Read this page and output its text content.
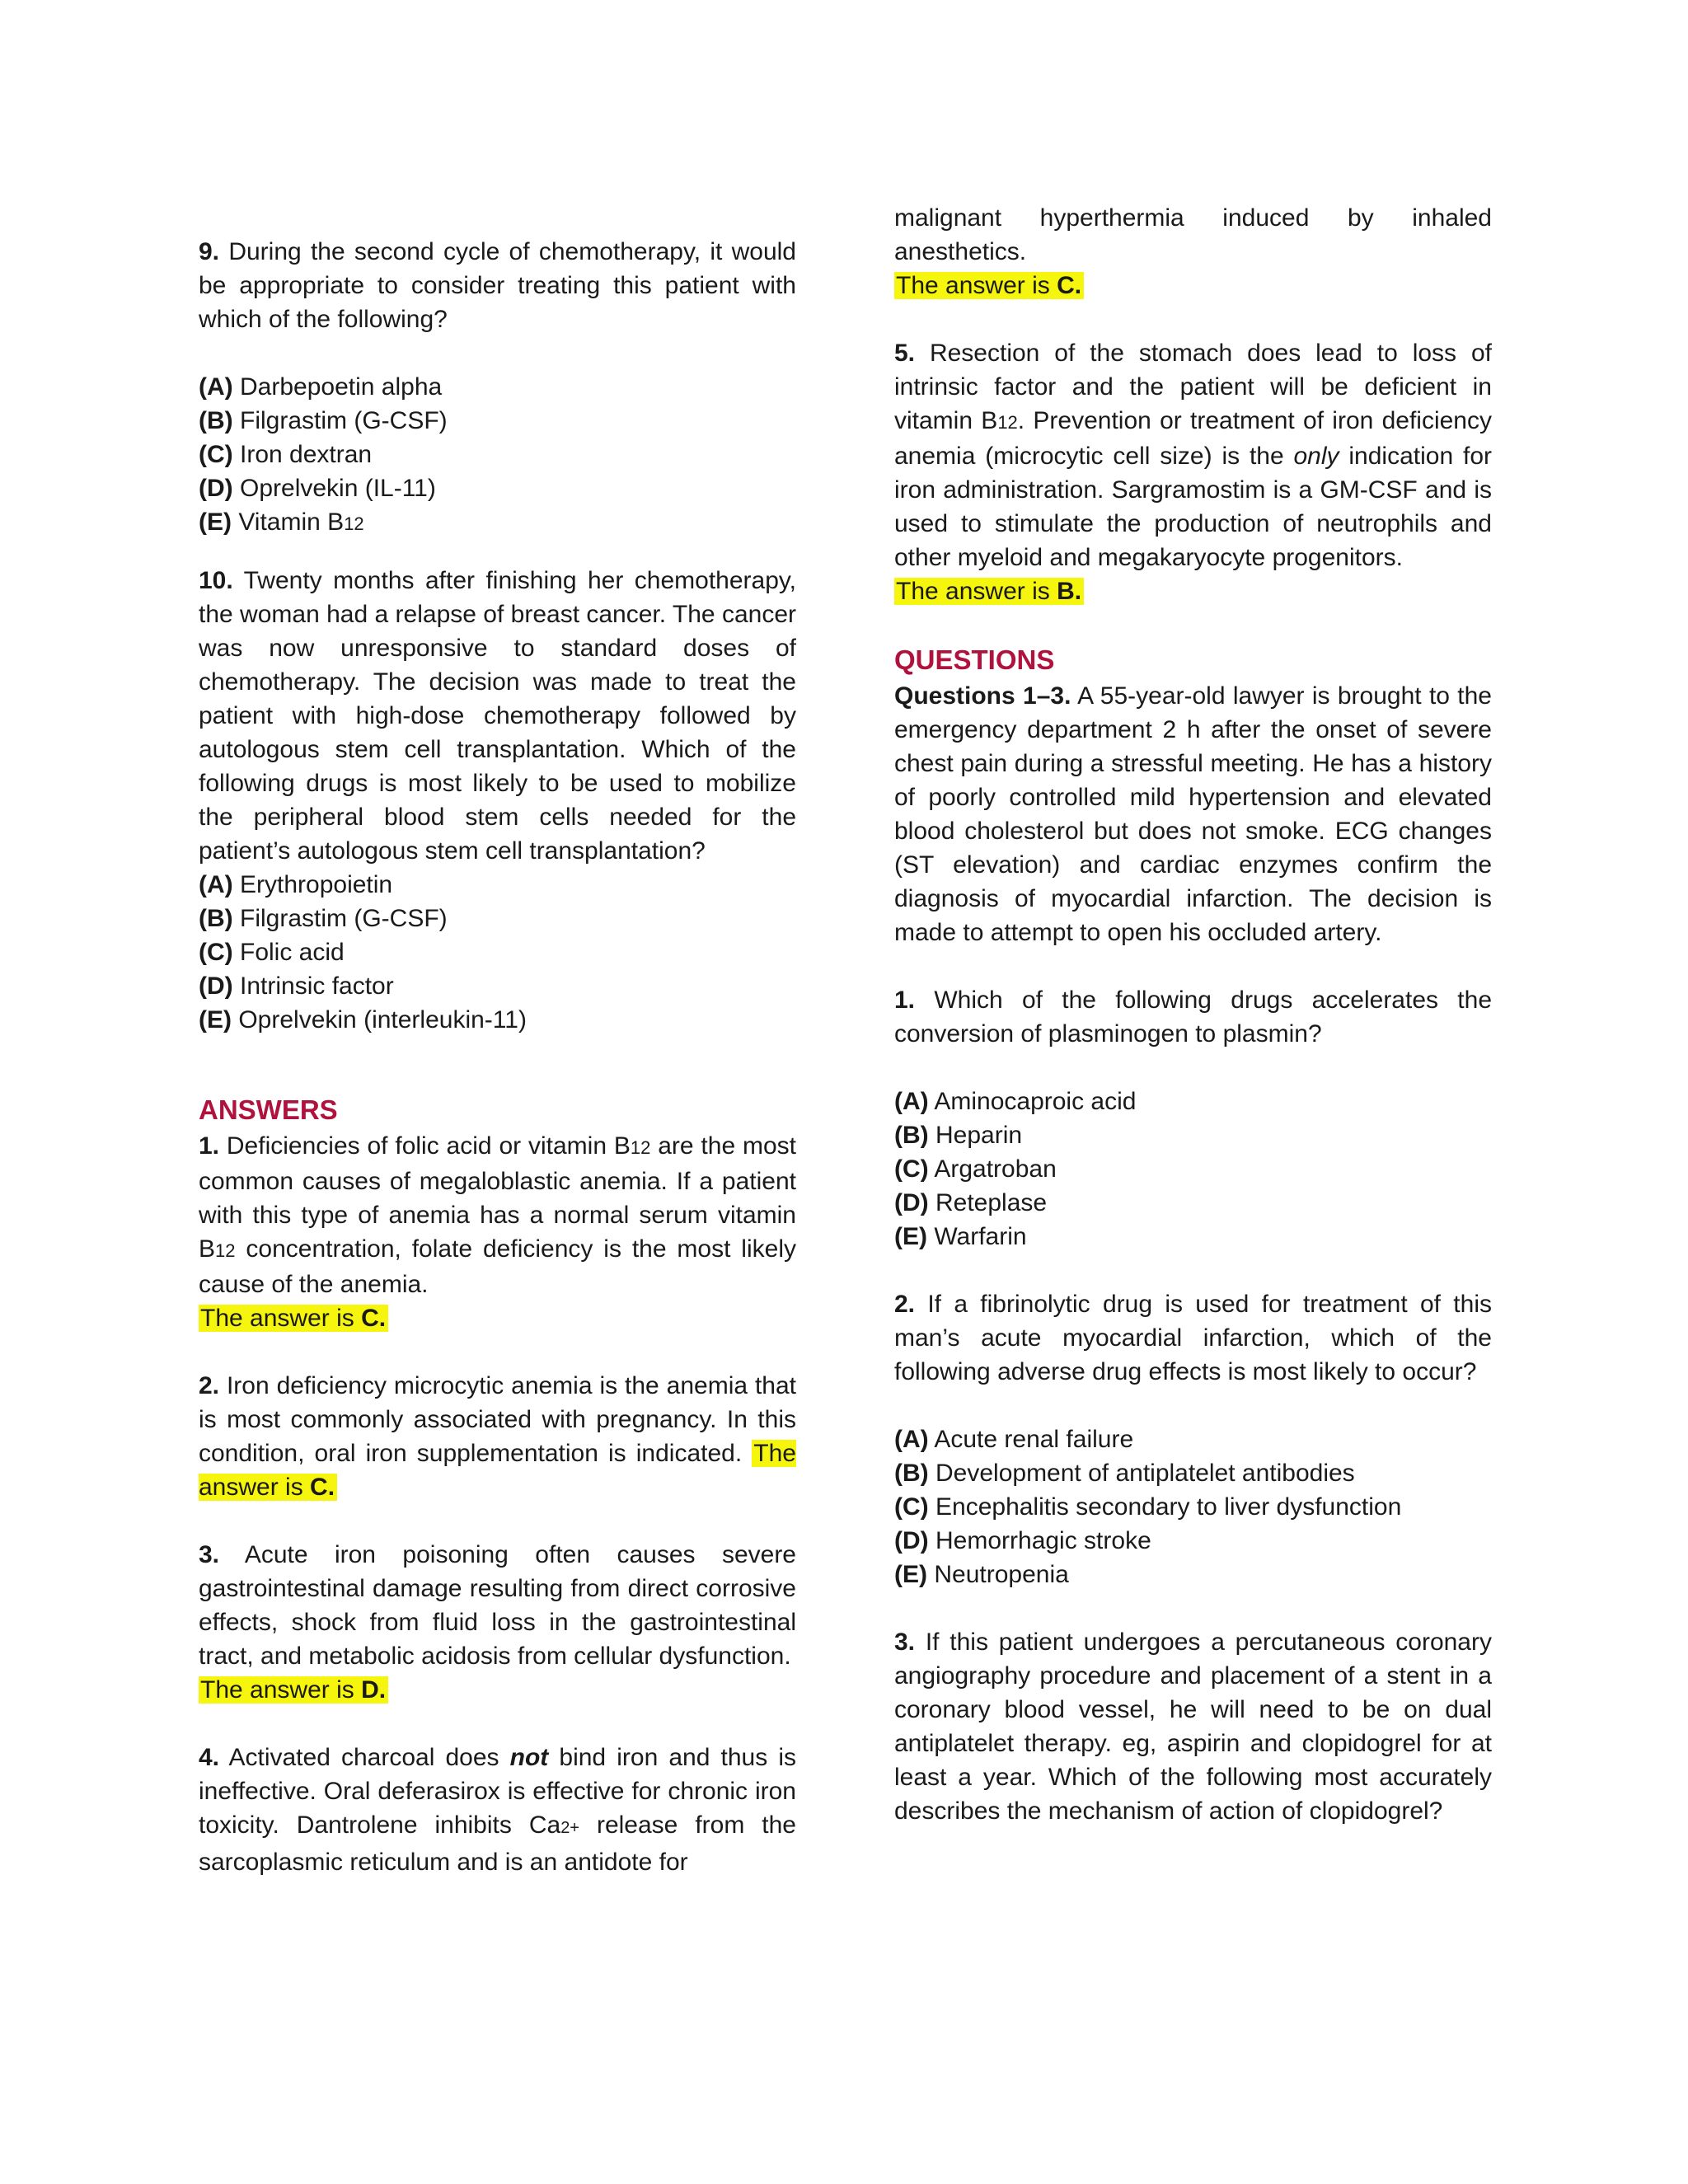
9. During the second cycle of chemotherapy, it would be appropriate to consider treating this patient with which of the following?

(A) Darbepoetin alpha
(B) Filgrastim (G-CSF)
(C) Iron dextran
(D) Oprelvekin (IL-11)
(E) Vitamin B12

10. Twenty months after finishing her chemotherapy, the woman had a relapse of breast cancer. The cancer was now unresponsive to standard doses of chemotherapy. The decision was made to treat the patient with high-dose chemotherapy followed by autologous stem cell transplantation. Which of the following drugs is most likely to be used to mobilize the peripheral blood stem cells needed for the patient’s autologous stem cell transplantation?

(A) Erythropoietin
(B) Filgrastim (G-CSF)
(C) Folic acid
(D) Intrinsic factor
(E) Oprelvekin (interleukin-11)
ANSWERS

1. Deficiencies of folic acid or vitamin B12 are the most common causes of megaloblastic anemia. If a patient with this type of anemia has a normal serum vitamin B12 concentration, folate deficiency is the most likely cause of the anemia.

The answer is C.

2. Iron deficiency microcytic anemia is the anemia that is most commonly associated with pregnancy. In this condition, oral iron supplementation is indicated. The answer is C.

3. Acute iron poisoning often causes severe gastrointestinal damage resulting from direct corrosive effects, shock from fluid loss in the gastrointestinal tract, and metabolic acidosis from cellular dysfunction.

The answer is D.

4. Activated charcoal does not bind iron and thus is ineffective. Oral deferasirox is effective for chronic iron toxicity. Dantrolene inhibits Ca2+ release from the sarcoplasmic reticulum and is an antidote for

malignant hyperthermia induced by inhaled anesthetics.

The answer is C.

5. Resection of the stomach does lead to loss of intrinsic factor and the patient will be deficient in vitamin B12. Prevention or treatment of iron deficiency anemia (microcytic cell size) is the only indication for iron administration. Sargramostim is a GM-CSF and is used to stimulate the production of neutrophils and other myeloid and megakaryocyte progenitors.

The answer is B.
QUESTIONS

Questions 1–3. A 55-year-old lawyer is brought to the emergency department 2 h after the onset of severe chest pain during a stressful meeting. He has a history of poorly controlled mild hypertension and elevated blood cholesterol but does not smoke. ECG changes (ST elevation) and cardiac enzymes confirm the diagnosis of myocardial infarction. The decision is made to attempt to open his occluded artery.

1. Which of the following drugs accelerates the conversion of plasminogen to plasmin?

(A) Aminocaproic acid
(B) Heparin
(C) Argatroban
(D) Reteplase
(E) Warfarin

2. If a fibrinolytic drug is used for treatment of this man’s acute myocardial infarction, which of the following adverse drug effects is most likely to occur?

(A) Acute renal failure
(B) Development of antiplatelet antibodies
(C) Encephalitis secondary to liver dysfunction
(D) Hemorrhagic stroke
(E) Neutropenia

3. If this patient undergoes a percutaneous coronary angiography procedure and placement of a stent in a coronary blood vessel, he will need to be on dual antiplatelet therapy. eg, aspirin and clopidogrel for at least a year. Which of the following most accurately describes the mechanism of action of clopidogrel?
